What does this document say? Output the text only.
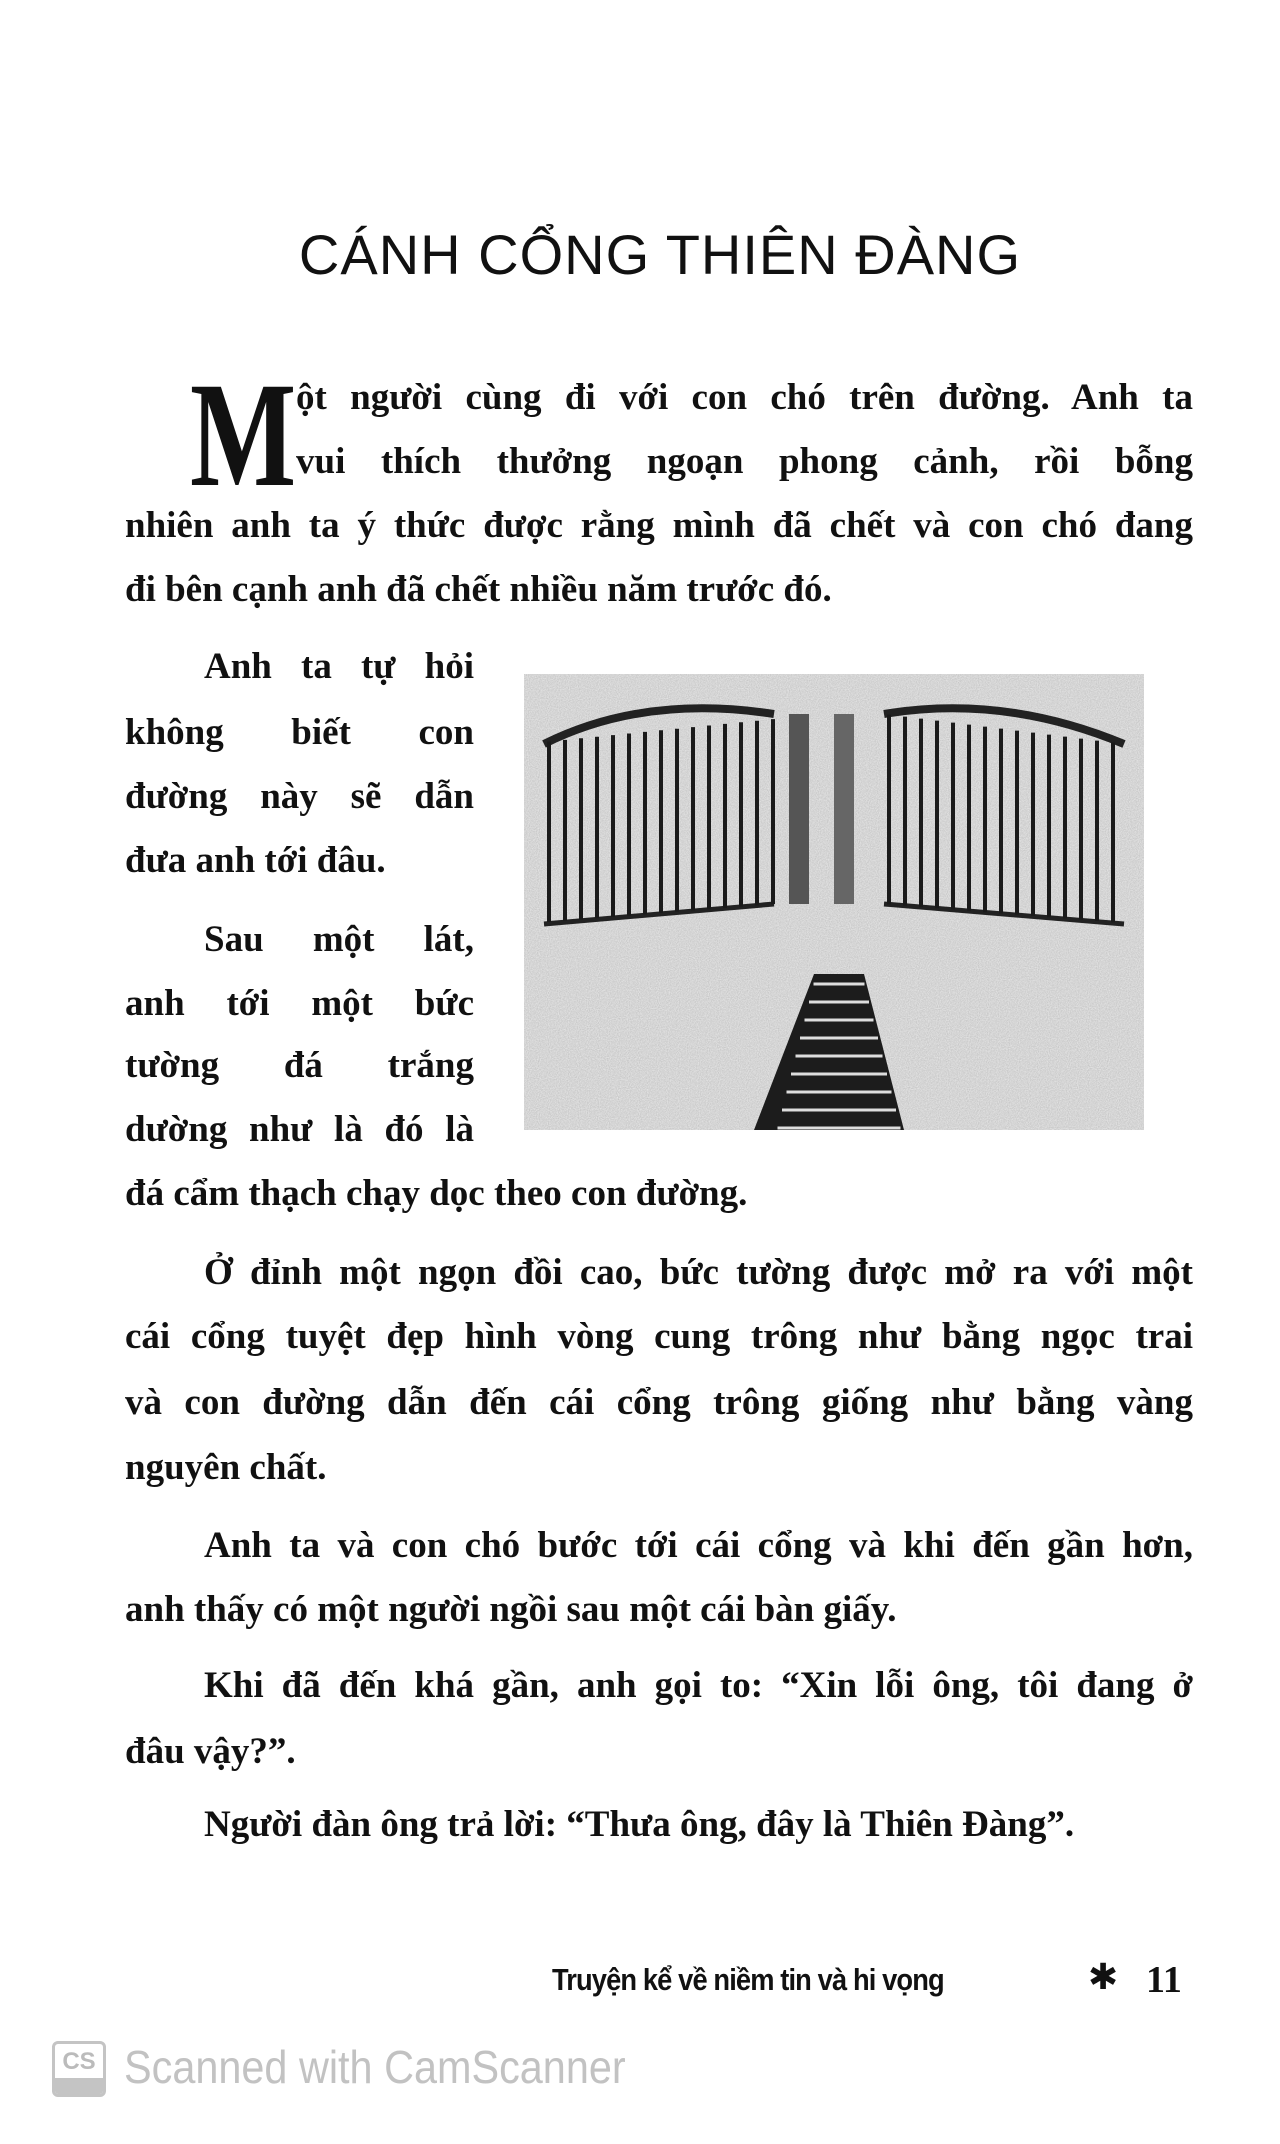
CÁNH CỔNG THIÊN ĐÀNG
M ột người cùng đi với con chó trên đường. Anh ta
vui thích thưởng ngoạn phong cảnh, rồi bỗng
nhiên anh ta ý thức được rằng mình đã chết và con chó đang
đi bên cạnh anh đã chết nhiều năm trước đó.
Anh ta tự hỏi
không biết con
đường này sẽ dẫn
đưa anh tới đâu.
Sau một lát,
anh tới một bức
tường đá trắng
dường như là đó là
đá cẩm thạch chạy dọc theo con đường.
Ở đỉnh một ngọn đồi cao, bức tường được mở ra với một
cái cổng tuyệt đẹp hình vòng cung trông như bằng ngọc trai
và con đường dẫn đến cái cổng trông giống như bằng vàng
nguyên chất.
Anh ta và con chó bước tới cái cổng và khi đến gần hơn,
anh thấy có một người ngồi sau một cái bàn giấy.
Khi đã đến khá gần, anh gọi to: “Xin lỗi ông, tôi đang ở
đâu vậy?”.
Người đàn ông trả lời: “Thưa ông, đây là Thiên Đàng”.
Truyện kể về niềm tin và hi vọng	✱ 11
CS Scanned with CamScanner
